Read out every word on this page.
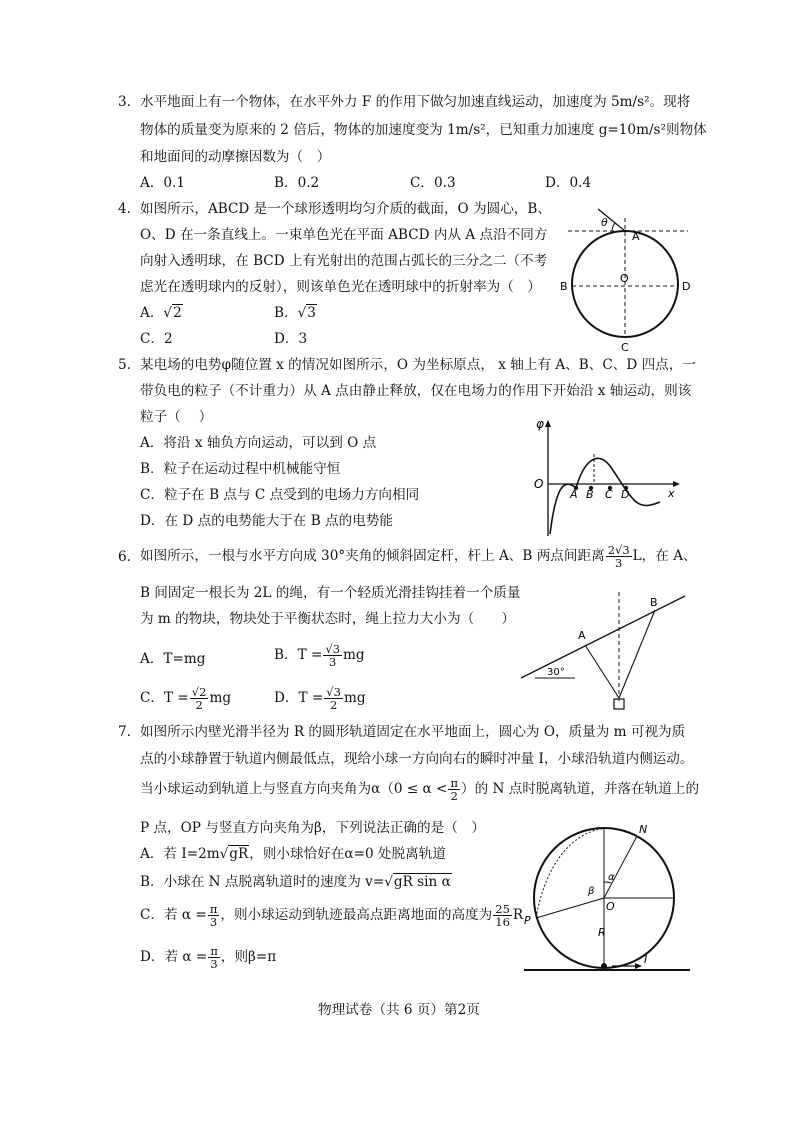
3. 水平地面上有一个物体，在水平外力 F 的作用下做匀加速直线运动，加速度为 5m/s²。现将
物体的质量变为原来的 2 倍后，物体的加速度变为 1m/s²，已知重力加速度 g=10m/s²则物体
和地面间的动摩擦因数为（　）
A．0.1	B．0.2	C．0.3	D．0.4
4. 如图所示，ABCD 是一个球形透明均匀介质的截面，O 为圆心，B、
O、D 在一条直线上。一束单色光在平面 ABCD 内从 A 点沿不同方
向射入透明球，在 BCD 上有光射出的范围占弧长的三分之二（不考
虑光在透明球内的反射），则该单色光在透明球中的折射率为（　）
A．√2	B．√3
C．2	D．3
θ
A
B	D
C
O
5. 某电场的电势φ随位置 x 的情况如图所示，O 为坐标原点， x 轴上有 A、B、C、D 四点，一
带负电的粒子（不计重力）从 A 点由静止释放，仅在电场力的作用下开始沿 x 轴运动，则该
粒子（　 ）
A．将沿 x 轴负方向运动，可以到 O 点
B．粒子在运动过程中机械能守恒
C．粒子在 B 点与 C 点受到的电场力方向相同
D．在 D 点的电势能大于在 B 点的电势能
φ
O
A B C D	x
6. 如图所示，一根与水平方向成 30°夹角的倾斜固定杆，杆上 A、B 两点间距离 $\frac{2√3}{3}$ L，在 A、
B 间固定一根长为 2L 的绳，有一个轻质光滑挂钩挂着一个质量
为 m 的物块，物块处于平衡状态时，绳上拉力大小为（　　）
A．T=mg	B．$T = \frac{√3}{3}$ mg
C．$T = \frac{√2}{2}$ mg	D．$T = \frac{√3}{2}$ mg
A
B
30°
7. 如图所示内壁光滑半径为 R 的圆形轨道固定在水平地面上，圆心为 O，质量为 m 可视为质
点的小球静置于轨道内侧最低点，现给小球一方向向右的瞬时冲量 I，小球沿轨道内侧运动。
当小球运动到轨道上与竖直方向夹角为$\alpha(0 \le \alpha < \frac{\pi}{2}$ ）的 N 点时脱离轨道，并落在轨道上的
P 点，OP 与竖直方向夹角为β，下列说法正确的是（　）
A．若 I=2m√gR，则小球恰好在α=0 处脱离轨道
B．小球在 N 点脱离轨道时的速度为 v=√gR sin α
C．若 $\alpha = \frac{\pi}{3}$ ，则小球运动到轨迹最高点距离地面的高度为 $\frac{25}{16}$ R
D．若 $\alpha = \frac{\pi}{3}$ ，则β=π
N
P
O
R
α
β
I
物理试卷（共 6 页）第2页
